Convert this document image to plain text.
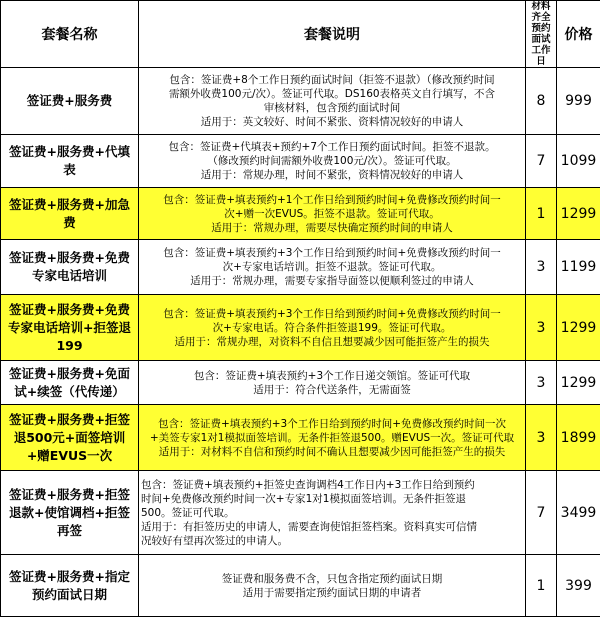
套餐名称	套餐说明	材料齐全预约面试工作日	价格
签证费+服务费	包含：签证费+8个工作日预约面试时间（拒签不退款）（修改预约时间
需额外收费100元/次）。签证可代取。DS160表格英文自行填写，不含
审核材料，包含预约面试时间
适用于：英文较好、时间不紧张、资料情况较好的申请人	8	999
签证费+服务费+代填表	包含：签证费+代填表+预约+7个工作日预约面试时间。拒签不退款。
（修改预约时间需额外收费100元/次）。签证可代取。
适用于：常规办理，时间不紧张，资料情况较好的申请人	7	1099
签证费+服务费+加急费	包含：签证费+填表预约+1个工作日给到预约时间+免费修改预约时间一
次+赠一次EVUS。拒签不退款。签证可代取。
适用于：常规办理，需要尽快确定预约时间的申请人	1	1299
签证费+服务费+免费专家电话培训	包含：签证费+填表预约+3个工作日给到预约时间+免费修改预约时间一
次+专家电话培训。拒签不退款。签证可代取。
适用于：常规办理，需要专家指导面签以便顺利签过的申请人	3	1199
签证费+服务费+免费专家电话培训+拒签退199	包含：签证费+填表预约+3个工作日给到预约时间+免费修改预约时间一
次+专家电话。符合条件拒签退199。签证可代取。
适用于：常规办理，对资料不自信且想要减少因可能拒签产生的损失	3	1299
签证费+服务费+免面试+续签（代传递）	包含：签证费+填表预约+3个工作日递交领馆。签证可代取
适用于：符合代送条件，无需面签	3	1299
签证费+服务费+拒签退500元+面签培训+赠EVUS一次	包含：签证费+填表预约+3个工作日给到预约时间+免费修改预约时间一次
+美签专家1对1模拟面签培训。无条件拒签退500。赠EVUS一次。签证可代取
适用于：对材料不自信和预约时间不确认且想要减少因可能拒签产生的损失	3	1899
签证费+服务费+拒签退款+使馆调档+拒签再签	包含：签证费+填表预约+拒签史查询调档4工作日内+3工作日给到预约
时间+免费修改预约时间一次+专家1对1模拟面签培训。无条件拒签退
500。签证可代取。
适用于：有拒签历史的申请人，需要查询使馆拒签档案。资料真实可信情
况较好有望再次签过的申请人。	7	3499
签证费+服务费+指定预约面试日期	签证费和服务费不含，只包含指定预约面试日期
适用于需要指定预约面试日期的申请者	1	399
